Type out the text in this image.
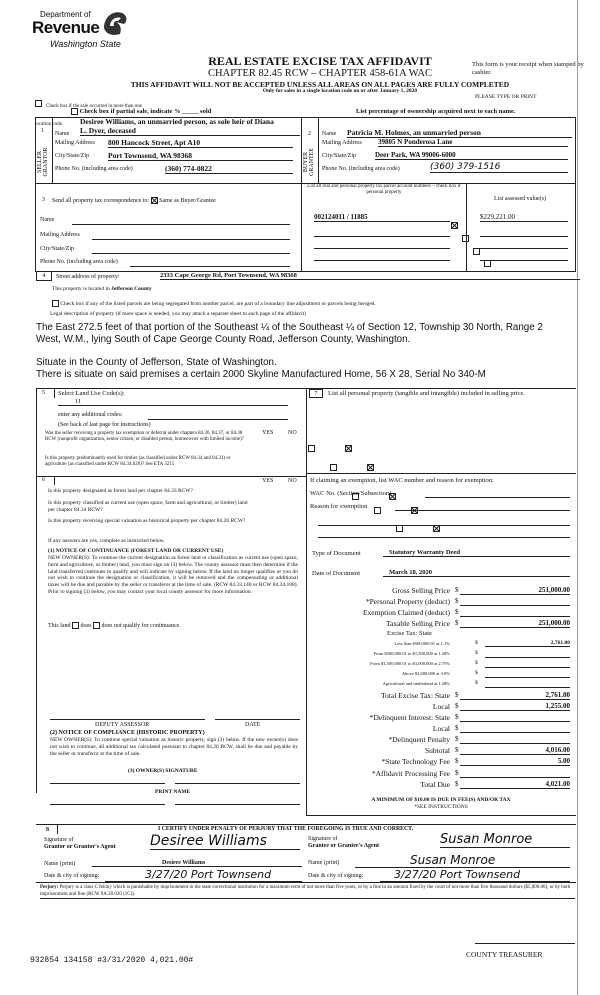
Department of
Revenue
Washington State
REAL ESTATE EXCISE TAX AFFIDAVIT
CHAPTER 82.45 RCW – CHAPTER 458-61A WAC
THIS AFFIDAVIT WILL NOT BE ACCEPTED UNLESS ALL AREAS ON ALL PAGES ARE FULLY COMPLETED
Only for sales in a single location code on or after January 1, 2020
This form is your receipt when stamped by cashier.
PLEASE TYPE OR PRINT
Check box if the sale occurred in more than one location code.
Check box if partial sale, indicate % _____ sold	List percentage of ownership acquired next to each name.
1 Name
Desiree Williams, an unmarried person, as sole heir of Diana
L. Dyer, deceased
SELLER GRANTOR
Mailing Address 800 Hancock Street, Apt A10
City/State/Zip	Port Townsend, WA 98368
Phone No. (including area code)	(360) 774-0822
2 Name Patricia M. Holmes, an unmarried person
BUYER GRANTEE
Mailing Address 39805 N Ponderosa Lane
City/State/Zip	Deer Park, WA 99006-6000
Phone No. (including area code)	(360) 379-1516
3 Send all property tax correspondence to: Same as Buyer/Grantee
Name
Mailing Address
City/State/Zip
Phone No. (including area code)
List all real and personal property tax parcel account numbers – check box if personal property
List assessed value(s)
002124011 / 11885
	$229,221.00

4	Street address of property:	2333 Cape George Rd, Port Townsend, WA 98368
This property is located in Jefferson County
Check box if any of the listed parcels are being segregated from another parcel, are part of a boundary line adjustment or parcels being merged.
Legal description of property (if more space is needed, you may attach a separate sheet to each page of the affidavit)
The East 272.5 feet of that portion of the Southeast ¼ of the Southeast ¼ of Section 12, Township 30 North, Range 2
West, W.M., lying South of Cape George County Road, Jefferson County, Washington.
Situate in the County of Jefferson, State of Washington.
There is situate on said premises a certain 2000 Skyline Manufactured Home, 56 X 28, Serial No 340-M
5 Select Land Use Code(s):
11
enter any additional codes:
(See back of last page for instructions)
YES NO
Was the seller receiving a property tax exemption or deferral under chapters 84.36, 84.37, or 84.38 RCW (nonprofit organization, senior citizen, or disabled person, homeowner with limited income)?

Is this property predominantly used for timber (as classified under RCW 84.34 and 84.33) or agriculture (as classified under RCW 84.34.020)? See ETA 3215

6	YES NO
Is this property designated as forest land per chapter 84.33 RCW?

Is this property classified as current use (open space, farm and agricultural, or timber) land per chapter 84.34 RCW?

Is this property receiving special valuation as historical property per chapter 84.26 RCW?

If any answers are yes, complete as instructed below.
(1) NOTICE OF CONTINUANCE (FOREST LAND OR CURRENT USE)
NEW OWNER(S): To continue the current designation as forest land or classification as current use (open space, farm and agriculture, or timber) land, you must sign on (3) below. The county assessor must then determine if the land transferred continues to qualify and will indicate by signing below. If the land no longer qualifies or you do not wish to continue the designation or classification, it will be removed and the compensating or additional taxes will be due and payable by the seller or transferor at the time of sale. (RCW 84.33.140 or RCW 84.34.108). Prior to signing (3) below, you may contact your local county assessor for more information.
This land does does not qualify for continuance.
DEPUTY ASSESSOR	DATE
(2) NOTICE OF COMPLIANCE (HISTORIC PROPERTY)
NEW OWNER(S): To continue special valuation as historic property, sign (3) below. If the new owner(s) does not wish to continue, all additional tax calculated pursuant to chapter 84.26 RCW, shall be due and payable by the seller or transferor at the time of sale.
(3) OWNER(S) SIGNATURE
PRINT NAME
7	List all personal property (tangible and intangible) included in selling price.
If claiming an exemption, list WAC number and reason for exemption:
WAC No. (Section/Subsection)
Reason for exemption
Type of Document	Statutory Warranty Deed
Date of Document	March 18, 2020
Gross Selling Price $	251,000.00
*Personal Property (deduct) $
Exemption Claimed (deduct) $
Taxable Selling Price $	251,000.00
Excise Tax: State
Less than $500,000.01 at 1.1%	$	2,761.00
From $500,000.01 to $1,500,000 at 1.28%	$
From $1,500,000.01 to $3,000,000 at 2.75%	$
Above $3,000,000 at 3.0%	$
Agricultural and timberland at 1.28%	$
Total Excise Tax: State $	2,761.00
Local $	1,255.00
*Delinquent Interest: State $
Local $
*Delinquent Penalty $
Subtotal $	4,016.00
*State Technology Fee $	5.00
*Affidavit Processing Fee $
Total Due $	4,021.00
A MINIMUM OF $10.00 IS DUE IN FEE(S) AND/OR TAX
*SEE INSTRUCTIONS
8	I CERTIFY UNDER PENALTY OF PERJURY THAT THE FOREGOING IS TRUE AND CORRECT.
Signature of
Grantor or Grantor's Agent Desiree Williams
Name (print)	Desiree Williams
Date & city of signing:	3/27/20 Port Townsend
Signature of
Grantee or Grantee's Agent	Susan Monroe
Name (print)	Susan Monroe
Date & city of signing:	3/27/20 Port Townsend
Perjury: Perjury is a class C felony which is punishable by imprisonment in the state correctional institution for a maximum term of not more than five years, or by a fine in an amount fixed by the court of not more than five thousand dollars ($5,000.00), or by both imprisonment and fine (RCW 9A.20.020 (1C)).
932854 134158 #3/31/2020 4,021.00#
COUNTY TREASURER
